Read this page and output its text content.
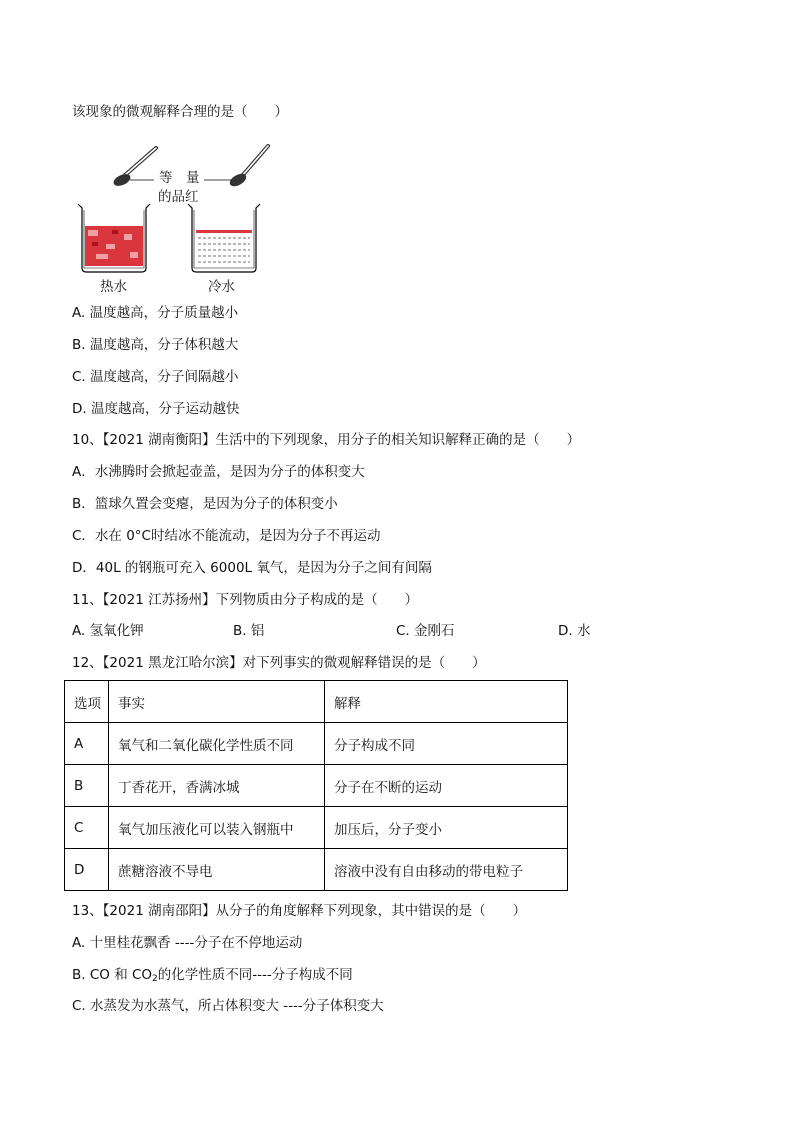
该现象的微观解释合理的是（　　）
等　量
的品红
热水	冷水
A. 温度越高，分子质量越小
B. 温度越高，分子体积越大
C. 温度越高，分子间隔越小
D. 温度越高，分子运动越快
10、【2021 湖南衡阳】生活中的下列现象，用分子的相关知识解释正确的是（　　）
A．水沸腾时会掀起壶盖，是因为分子的体积变大
B．篮球久置会变瘪，是因为分子的体积变小
C．水在 0°C时结冰不能流动，是因为分子不再运动
D．40L 的钢瓶可充入 6000L 氧气，是因为分子之间有间隔
11、【2021 江苏扬州】下列物质由分子构成的是（　　）
A. 氢氧化钾	B. 铝	C. 金刚石	D. 水
12、【2021 黑龙江哈尔滨】对下列事实的微观解释错误的是（　　）
选项	事实	解释
A	氧气和二氧化碳化学性质不同	分子构成不同
B	丁香花开，香满冰城	分子在不断的运动
C	氧气加压液化可以装入钢瓶中	加压后，分子变小
D	蔗糖溶液不导电	溶液中没有自由移动的带电粒子
13、【2021 湖南邵阳】从分子的角度解释下列现象，其中错误的是（　　）
A. 十里桂花飘香 ----分子在不停地运动
B. CO 和 $CO_2$的化学性质不同----分子构成不同
C. 水蒸发为水蒸气，所占体积变大 ----分子体积变大
